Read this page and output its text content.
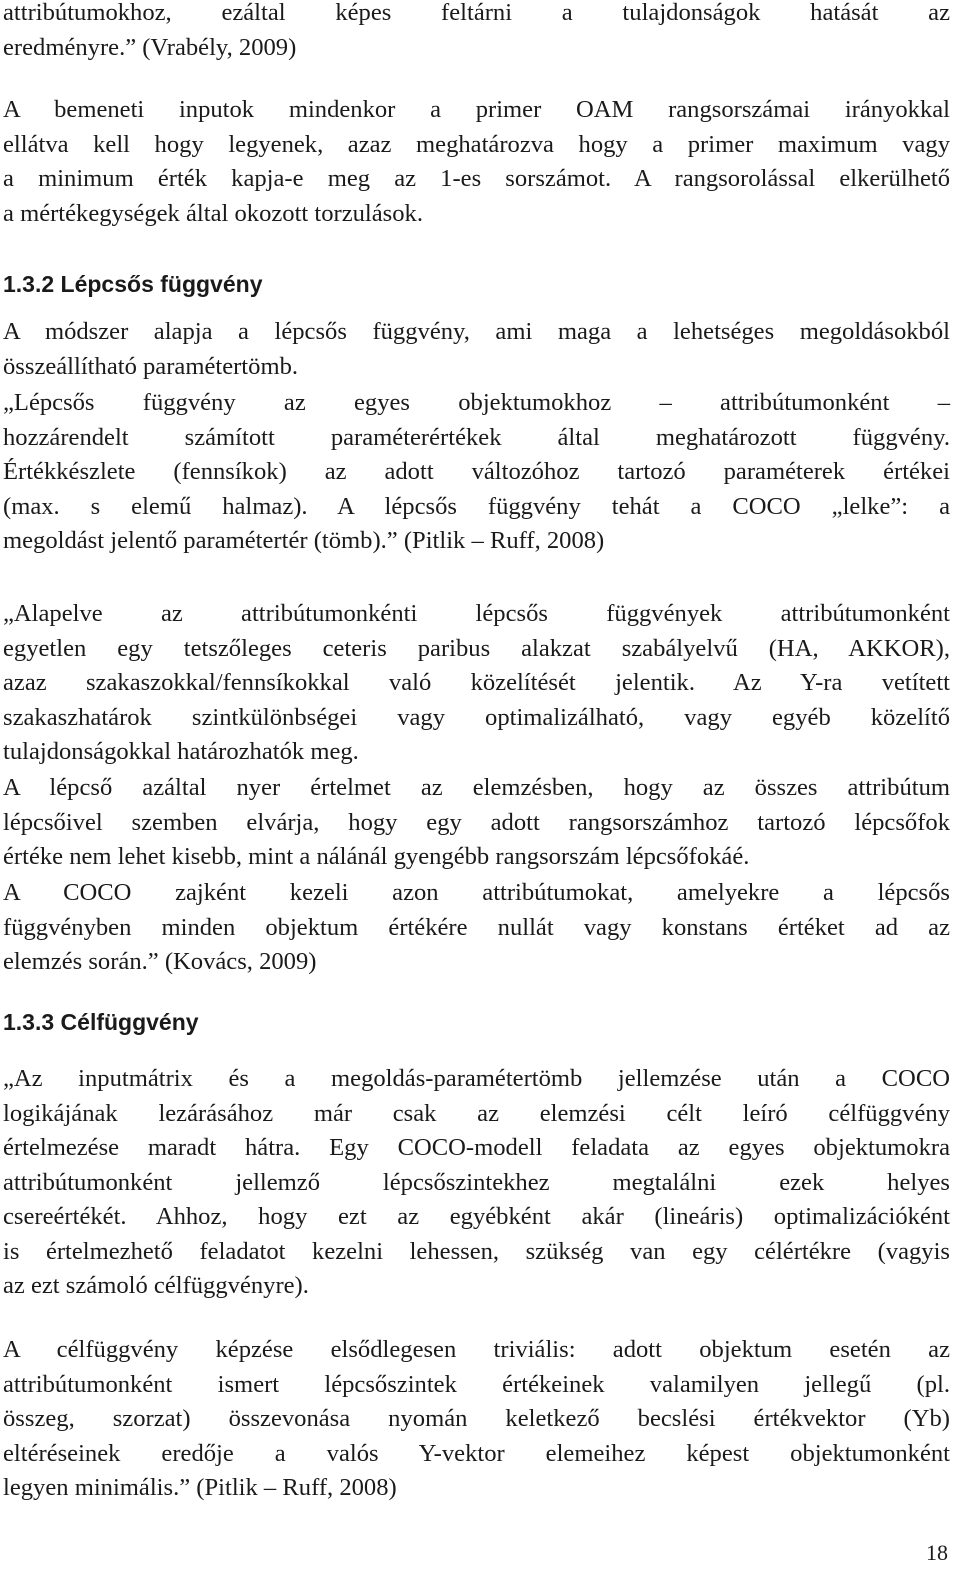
attribútumokhoz, ezáltal képes feltárni a tulajdonságok hatását az
eredményre.” (Vrabély, 2009)
A bemeneti inputok mindenkor a primer OAM rangsorszámai irányokkal
ellátva kell hogy legyenek, azaz meghatározva hogy a primer maximum vagy
a minimum érték kapja-e meg az 1-es sorszámot. A rangsorolással elkerülhető
a mértékegységek által okozott torzulások.
1.3.2 Lépcsős függvény
A módszer alapja a lépcsős függvény, ami maga a lehetséges megoldásokból
összeállítható paramétertömb.
„Lépcsős függvény az egyes objektumokhoz – attribútumonként –
hozzárendelt számított paraméterértékek által meghatározott függvény.
Értékkészlete (fennsíkok) az adott változóhoz tartozó paraméterek értékei
(max. s elemű halmaz). A lépcsős függvény tehát a COCO „lelke”: a
megoldást jelentő paramétertér (tömb).” (Pitlik – Ruff, 2008)
„Alapelve az attribútumonkénti lépcsős függvények attribútumonként
egyetlen egy tetszőleges ceteris paribus alakzat szabályelvű (HA, AKKOR),
azaz szakaszokkal/fennsíkokkal való közelítését jelentik. Az Y-ra vetített
szakaszhatárok szintkülönbségei vagy optimalizálható, vagy egyéb közelítő
tulajdonságokkal határozhatók meg.
A lépcső azáltal nyer értelmet az elemzésben, hogy az összes attribútum
lépcsőivel szemben elvárja, hogy egy adott rangsorszámhoz tartozó lépcsőfok
értéke nem lehet kisebb, mint a nálánál gyengébb rangsorszám lépcsőfokáé.
A COCO zajként kezeli azon attribútumokat, amelyekre a lépcsős
függvényben minden objektum értékére nullát vagy konstans értéket ad az
elemzés során.” (Kovács, 2009)
1.3.3 Célfüggvény
„Az inputmátrix és a megoldás-paramétertömb jellemzése után a COCO
logikájának lezárásához már csak az elemzési célt leíró célfüggvény
értelmezése maradt hátra. Egy COCO-modell feladata az egyes objektumokra
attribútumonként jellemző lépcsőszintekhez megtalálni ezek helyes
csereértékét. Ahhoz, hogy ezt az egyébként akár (lineáris) optimalizációként
is értelmezhető feladatot kezelni lehessen, szükség van egy célértékre (vagyis
az ezt számoló célfüggvényre).
A célfüggvény képzése elsődlegesen triviális: adott objektum esetén az
attribútumonként ismert lépcsőszintek értékeinek valamilyen jellegű (pl.
összeg, szorzat) összevonása nyomán keletkező becslési értékvektor (Yb)
eltéréseinek eredője a valós Y-vektor elemeihez képest objektumonként
legyen minimális.” (Pitlik – Ruff, 2008)
18
